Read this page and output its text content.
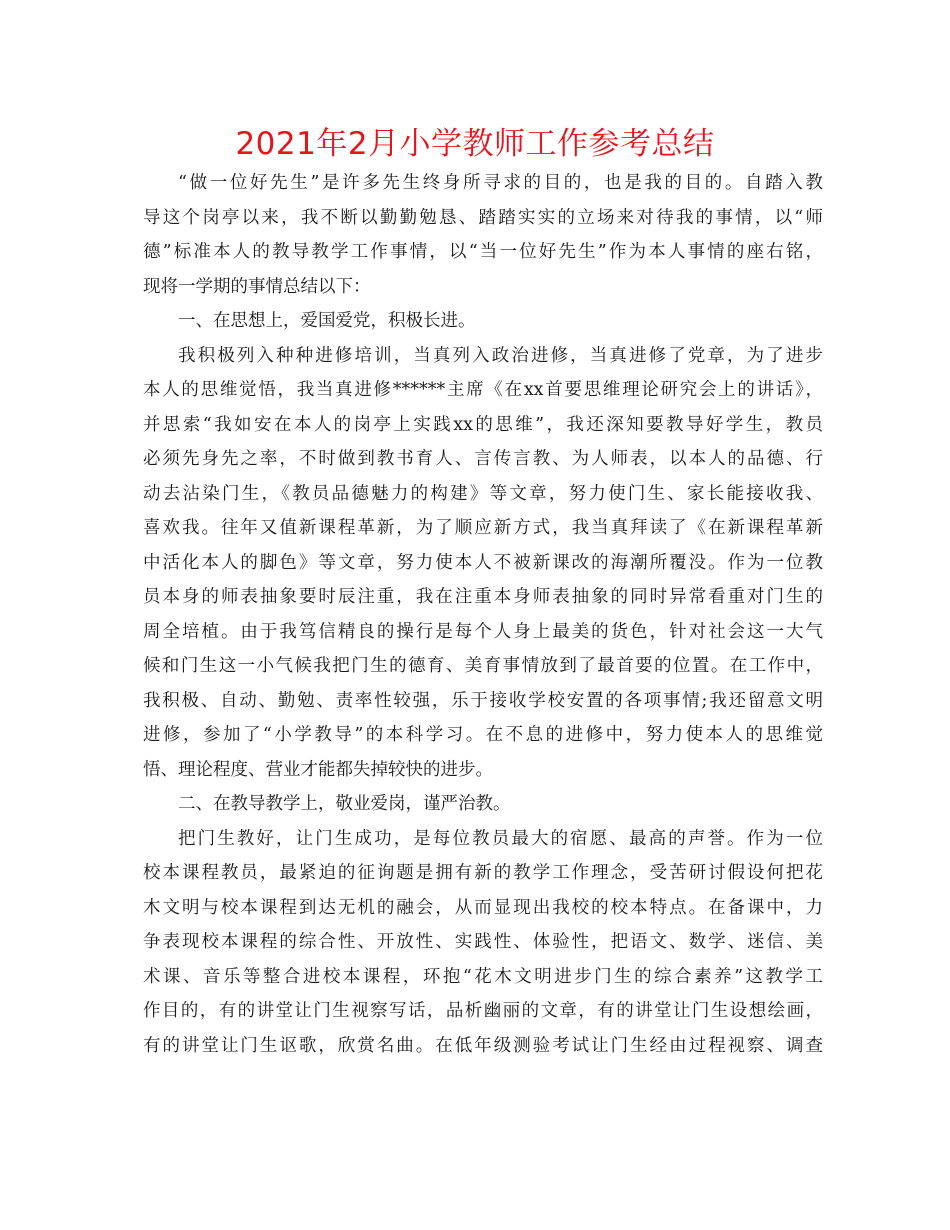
2021年2月小学教师工作参考总结
“做一位好先生”是许多先生终身所寻求的目的，也是我的目的。自踏入教
导这个岗亭以来，我不断以勤勤勉恳、踏踏实实的立场来对待我的事情，以“师
德”标准本人的教导教学工作事情，以“当一位好先生”作为本人事情的座右铭，
现将一学期的事情总结以下：
一、在思想上，爱国爱党，积极长进。
我积极列入种种进修培训，当真列入政治进修，当真进修了党章，为了进步
本人的思维觉悟，我当真进修******主席《在xx首要思维理论研究会上的讲话》，
并思索“我如安在本人的岗亭上实践xx的思维”，我还深知要教导好学生，教员
必须先身先之率，不时做到教书育人、言传言教、为人师表，以本人的品德、行
动去沾染门生，《教员品德魅力的构建》等文章，努力使门生、家长能接收我、
喜欢我。往年又值新课程革新，为了顺应新方式，我当真拜读了《在新课程革新
中活化本人的脚色》等文章，努力使本人不被新课改的海潮所覆没。作为一位教
员本身的师表抽象要时辰注重，我在注重本身师表抽象的同时异常看重对门生的
周全培植。由于我笃信精良的操行是每个人身上最美的货色，针对社会这一大气
候和门生这一小气候我把门生的德育、美育事情放到了最首要的位置。在工作中，
我积极、自动、勤勉、责率性较强，乐于接收学校安置的各项事情;我还留意文明
进修，参加了“小学教导”的本科学习。在不息的进修中，努力使本人的思维觉
悟、理论程度、营业才能都失掉较快的进步。
二、在教导教学上，敬业爱岗，谨严治教。
把门生教好，让门生成功，是每位教员最大的宿愿、最高的声誉。作为一位
校本课程教员，最紧迫的征询题是拥有新的教学工作理念，受苦研讨假设何把花
木文明与校本课程到达无机的融会，从而显现出我校的校本特点。在备课中，力
争表现校本课程的综合性、开放性、实践性、体验性，把语文、数学、迷信、美
术课、音乐等整合进校本课程，环抱“花木文明进步门生的综合素养”这教学工
作目的，有的讲堂让门生视察写话，品析幽丽的文章，有的讲堂让门生设想绘画，
有的讲堂让门生讴歌，欣赏名曲。在低年级测验考试让门生经由过程视察、调查
